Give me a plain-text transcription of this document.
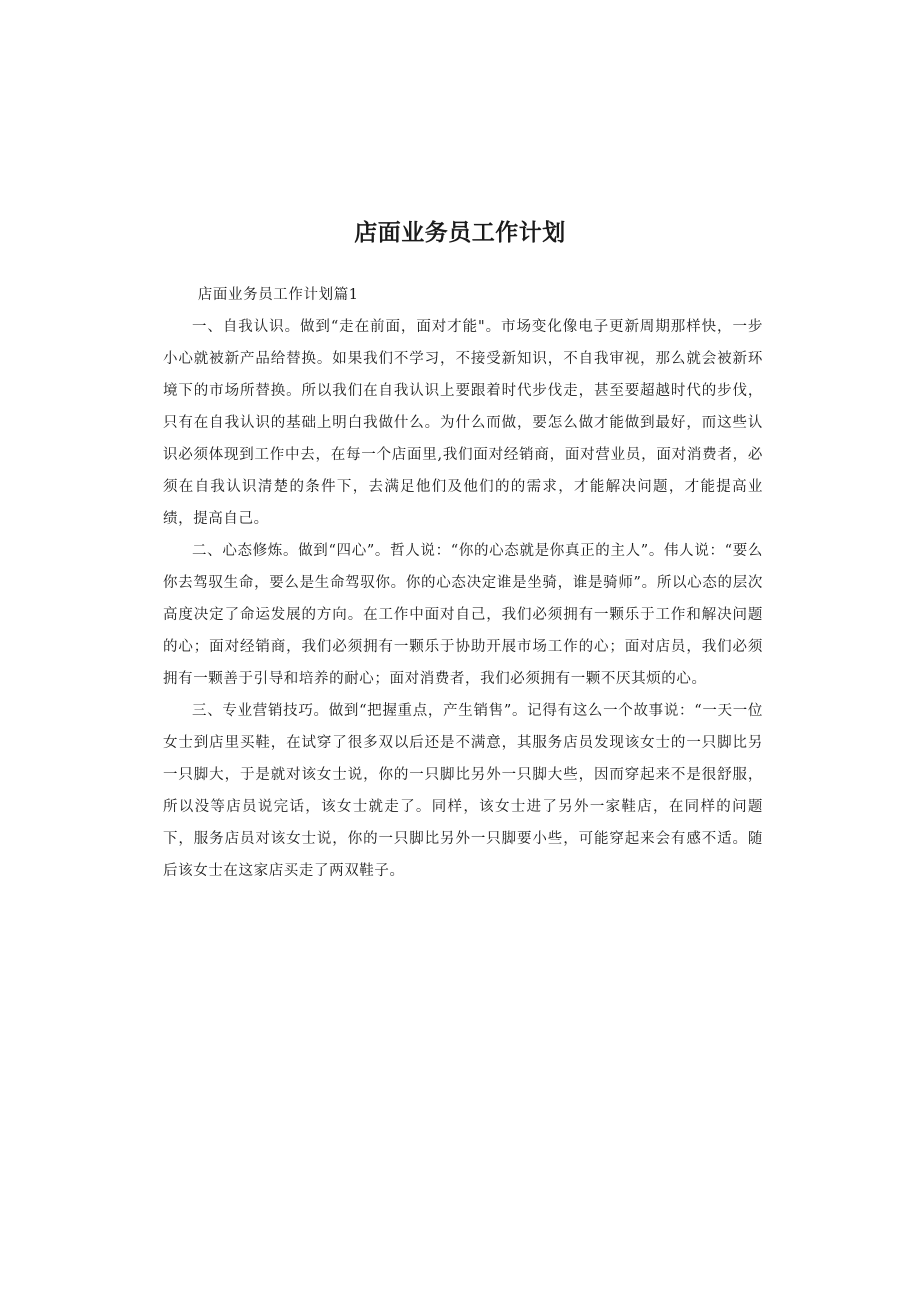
店面业务员工作计划

店面业务员工作计划篇1

一、自我认识。做到“走在前面，面对才能"。市场变化像电子更新周期那样快，一步小心就被新产品给替换。如果我们不学习，不接受新知识，不自我审视，那么就会被新环境下的市场所替换。所以我们在自我认识上要跟着时代步伐走，甚至要超越时代的步伐，只有在自我认识的基础上明白我做什么。为什么而做，要怎么做才能做到最好，而这些认识必须体现到工作中去，在每一个店面里,我们面对经销商，面对营业员，面对消费者，必须在自我认识清楚的条件下，去满足他们及他们的的需求，才能解决问题，才能提高业绩，提高自己。

二、心态修炼。做到“四心”。哲人说：“你的心态就是你真正的主人”。伟人说：“要么你去驾驭生命，要么是生命驾驭你。你的心态决定谁是坐骑，谁是骑师”。所以心态的层次高度决定了命运发展的方向。在工作中面对自己，我们必须拥有一颗乐于工作和解决问题的心；面对经销商，我们必须拥有一颗乐于协助开展市场工作的心；面对店员，我们必须拥有一颗善于引导和培养的耐心；面对消费者，我们必须拥有一颗不厌其烦的心。

三、专业营销技巧。做到“把握重点，产生销售”。记得有这么一个故事说：“一天一位女士到店里买鞋，在试穿了很多双以后还是不满意，其服务店员发现该女士的一只脚比另一只脚大，于是就对该女士说，你的一只脚比另外一只脚大些，因而穿起来不是很舒服，所以没等店员说完话，该女士就走了。同样，该女士进了另外一家鞋店，在同样的问题下，服务店员对该女士说，你的一只脚比另外一只脚要小些，可能穿起来会有感不适。随后该女士在这家店买走了两双鞋子。
